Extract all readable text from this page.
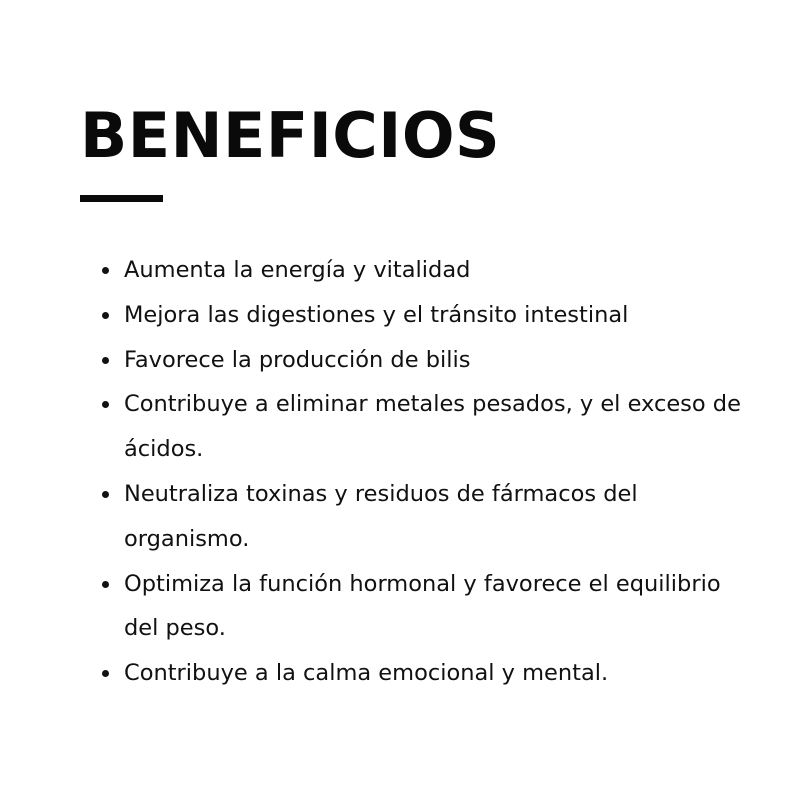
BENEFICIOS
Aumenta la energía y vitalidad
Mejora las digestiones y el tránsito intestinal
Favorece la producción de bilis
Contribuye a eliminar metales pesados, y el exceso de ácidos.
Neutraliza toxinas y residuos de fármacos del organismo.
Optimiza la función hormonal y favorece el equilibrio del peso.
Contribuye a la calma emocional y mental.
